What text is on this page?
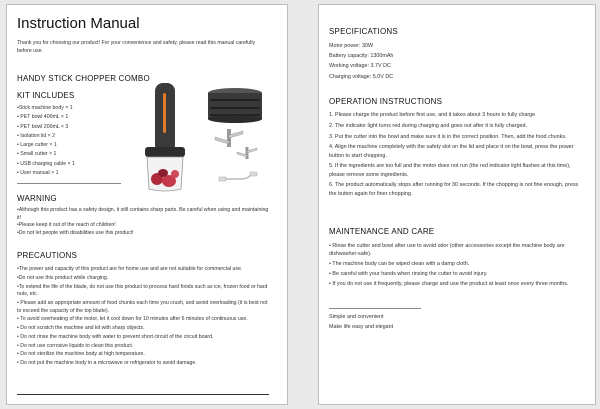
Instruction Manual
Thank you for choosing our product! For your convenience and safety, please read this manual carefully before use.
HANDY STICK CHOPPER COMBO
KIT INCLUDES
•Stick machine body × 1
• PET bowl 400mL × 1
• PET bowl 200mL × 3
• Isolation lid × 2
• Large cutter × 1
• Small cutter × 1
• USB charging cable × 1
• User manual × 1
WARNING
•Although this product has a safety design, it still contains sharp parts. Be careful when using and maintaining it!
•Please keep it out of the reach of children!
•Do not let people with disabilities use this product!
PRECAUTIONS
•The power and capacity of this product are for home use and are not suitable for commercial use.
•Do not use this product while charging.
•To extend the life of the blade, do not use this product to process hard foods such as ice, frozen food or hard nuts, etc.
• Please add an appropriate amount of food chunks each time you crush, and avoid overloading (it is best not to exceed the capacity of the top blade).
• To avoid overheating of the motor, let it cool down for 10 minutes after 6 minutes of continuous use.
• Do not scratch the machine and kit with sharp objects.
• Do not rinse the machine body with water to prevent short circuit of the circuit board.
• Do not use corrosive liquids to clean this product.
• Do not sterilize the machine body at high temperature.
• Do not put the machine body in a microwave or refrigerator to avoid damage.
SPECIFICATIONS
Motor power: 30W
Battery capacity: 1300mAh
Working voltage: 3.7V DC
Charging voltage: 5.0V DC
OPERATION INSTRUCTIONS
1. Please charge the product before first use, and it takes about 3 hours to fully charge.
2. The indicator light turns red during charging and goes out after it is fully charged.
3. Put the cutter into the bowl and make sure it is in the correct position. Then, add the food chunks.
4. Align the machine completely with the safety slot on the lid and place it on the bowl, press the power button to start chopping.
5. If the ingredients are too full and the motor does not run (the red indicator light flashes at this time), please remove some ingredients.
6. The product automatically stops after running for 30 seconds. If the chopping is not fine enough, press the button again for finer chopping.
MAINTENANCE AND CARE
• Rinse the cutter and bowl after use to avoid odor (other accessories except the machine body are dishwasher-safe).
• The machine body can be wiped clean with a damp cloth.
• Be careful with your hands when rinsing the cutter to avoid injury.
• If you do not use it frequently, please charge and use the product at least once every three months.
Simple and convenient
Make life easy and elegant
